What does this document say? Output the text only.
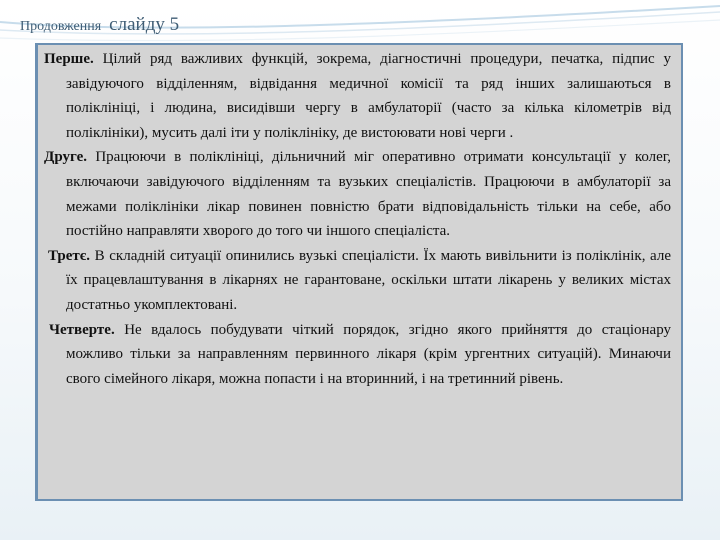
Продовження слайду 5

Перше. Цілий ряд важливих функцій, зокрема, діагностичні процедури, печатка, підпис у завідуючого відділенням, відвідання медичної комісії та ряд інших залишаються в поліклініці, і людина, висидівши чергу в амбулаторії (часто за кілька кілометрів від поліклініки), мусить далі іти у поліклініку, де вистоювати нові черги .

Друге. Працюючи в поліклініці, дільничний міг оперативно отримати консультації у колег, включаючи завідуючого відділенням та вузьких спеціалістів. Працюючи в амбулаторії за межами поліклініки лікар повинен повністю брати відповідальність тільки на себе, або постійно направляти хворого до того чи іншого спеціаліста.

Третє. В складній ситуації опинились вузькі спеціалісти. Їх мають вивільнити із поліклінік, але їх працевлаштування в лікарнях не гарантоване, оскільки штати лікарень у великих містах достатньо укомплектовані.

Четверте. Не вдалось побудувати чіткий порядок, згідно якого прийняття до стаціонару можливо тільки за направленням первинного лікаря (крім ургентних ситуацій). Минаючи свого сімейного лікаря, можна попасти і на вторинний, і на третинний рівень.
